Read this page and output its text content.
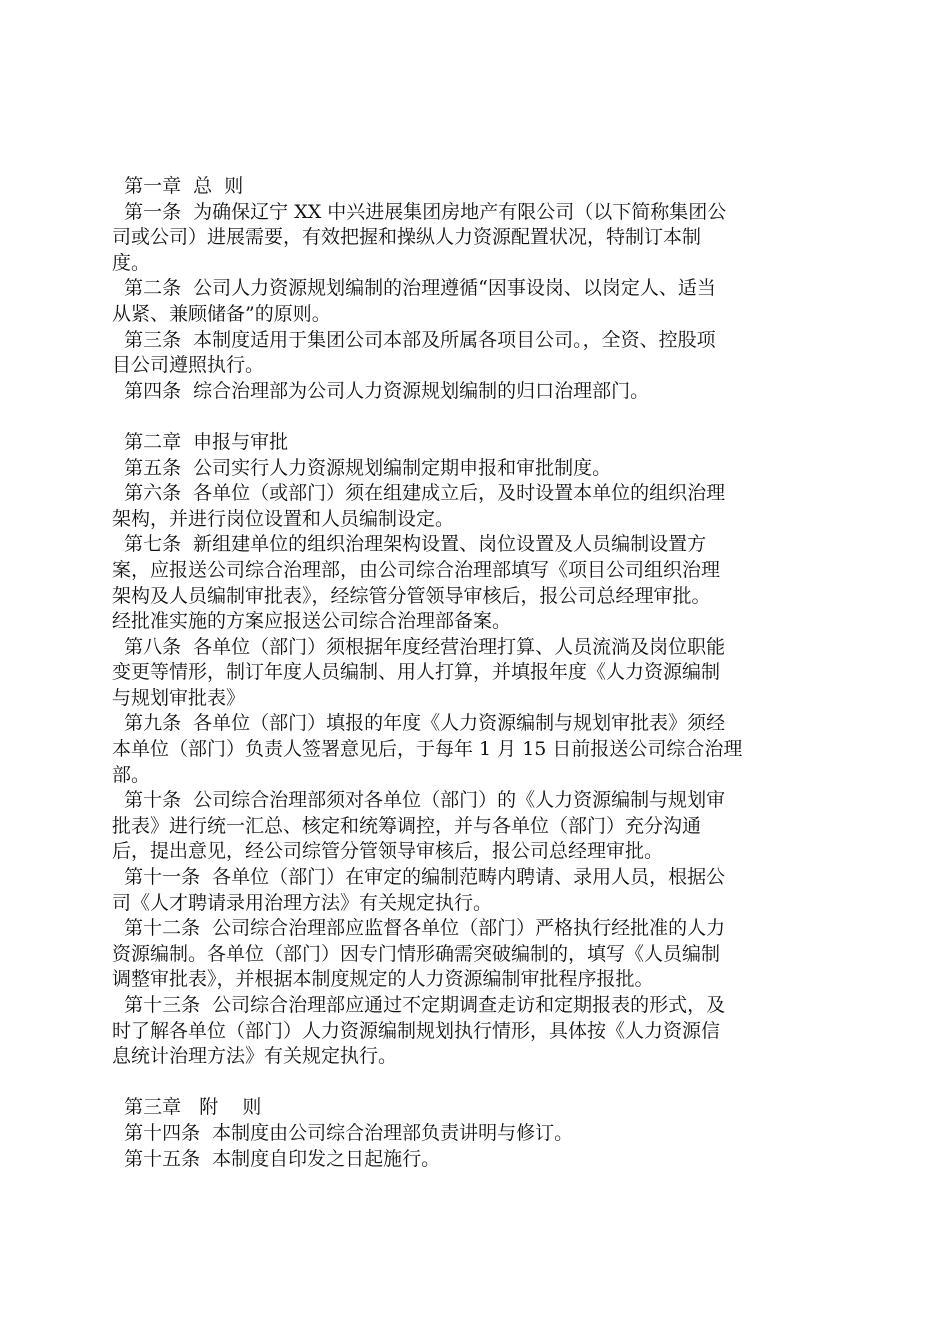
第一章  总  则
第一条  为确保辽宁 XX 中兴进展集团房地产有限公司（以下简称集团公
司或公司）进展需要，有效把握和操纵人力资源配置状况，特制订本制
度。
第二条  公司人力资源规划编制的治理遵循“因事设岗、以岗定人、适当
从紧、兼顾储备”的原则。
第三条  本制度适用于集团公司本部及所属各项目公司。，全资、控股项
目公司遵照执行。
第四条  综合治理部为公司人力资源规划编制的归口治理部门。
第二章  申报与审批
第五条  公司实行人力资源规划编制定期申报和审批制度。
第六条  各单位（或部门）须在组建成立后，及时设置本单位的组织治理
架构，并进行岗位设置和人员编制设定。
第七条  新组建单位的组织治理架构设置、岗位设置及人员编制设置方
案，应报送公司综合治理部，由公司综合治理部填写《项目公司组织治理
架构及人员编制审批表》，经综管分管领导审核后，报公司总经理审批。
经批准实施的方案应报送公司综合治理部备案。
第八条  各单位（部门）须根据年度经营治理打算、人员流淌及岗位职能
变更等情形，制订年度人员编制、用人打算，并填报年度《人力资源编制
与规划审批表》
第九条  各单位（部门）填报的年度《人力资源编制与规划审批表》须经
本单位（部门）负责人签署意见后，于每年 1 月 15 日前报送公司综合治理
部。
第十条  公司综合治理部须对各单位（部门）的《人力资源编制与规划审
批表》进行统一汇总、核定和统筹调控，并与各单位（部门）充分沟通
后，提出意见，经公司综管分管领导审核后，报公司总经理审批。
第十一条  各单位（部门）在审定的编制范畴内聘请、录用人员，根据公
司《人才聘请录用治理方法》有关规定执行。
第十二条  公司综合治理部应监督各单位（部门）严格执行经批准的人力
资源编制。各单位（部门）因专门情形确需突破编制的，填写《人员编制
调整审批表》，并根据本制度规定的人力资源编制审批程序报批。
第十三条  公司综合治理部应通过不定期调查走访和定期报表的形式，及
时了解各单位（部门）人力资源编制规划执行情形，具体按《人力资源信
息统计治理方法》有关规定执行。
第三章   附    则
第十四条  本制度由公司综合治理部负责讲明与修订。
第十五条  本制度自印发之日起施行。
